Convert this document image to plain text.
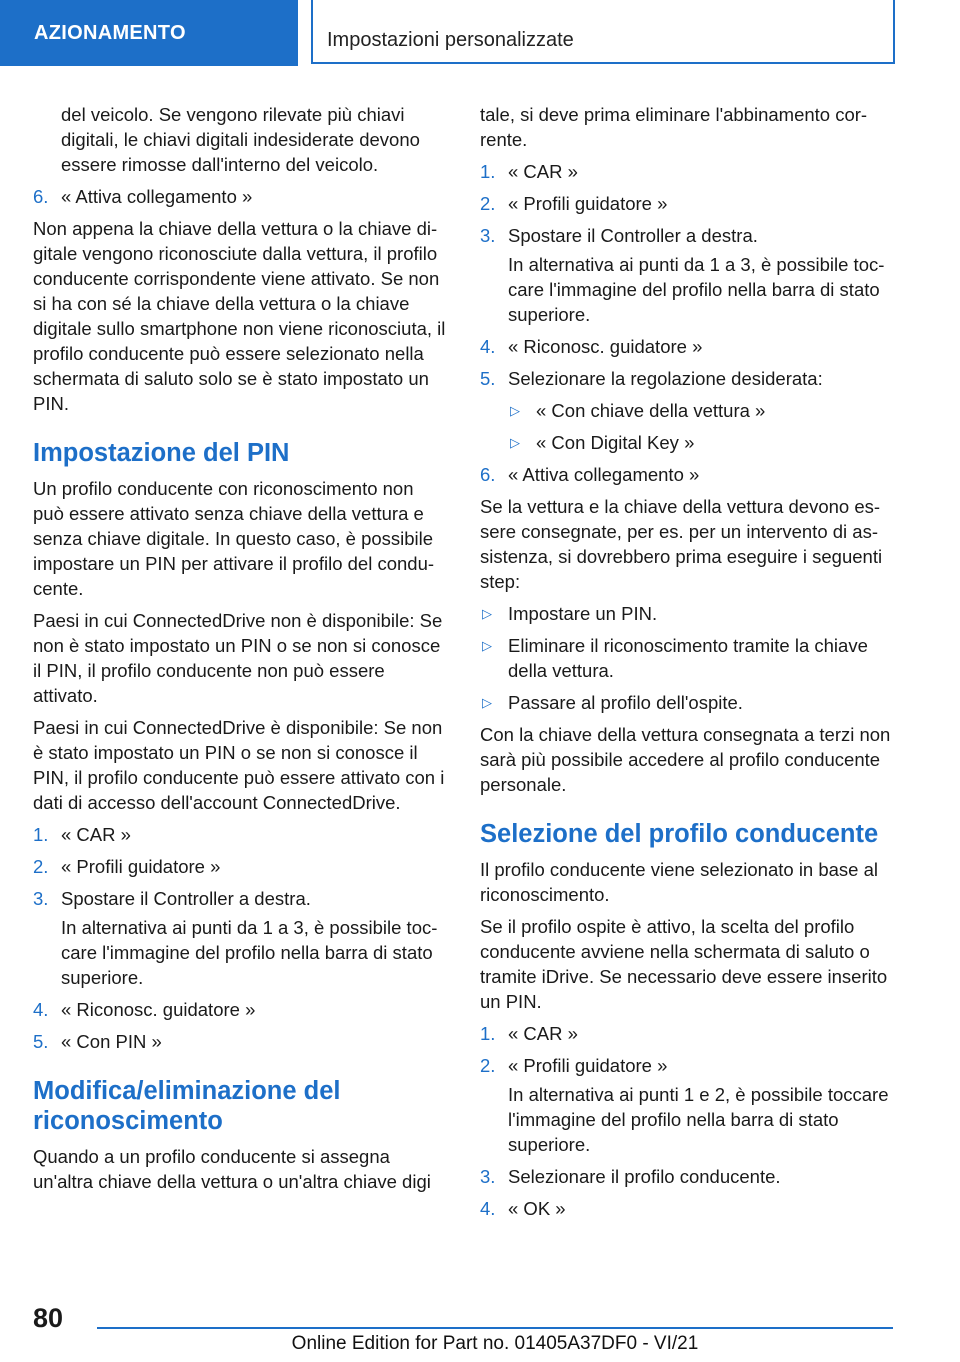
AZIONAMENTO	Impostazioni personalizzate

del veicolo. Se vengono rilevate più chiavi digitali, le chiavi digitali indesiderate devono essere rimosse dall'interno del veicolo.

6. « Attiva collegamento »

Non appena la chiave della vettura o la chiave digitale vengono riconosciute dalla vettura, il profilo conducente corrispondente viene attivato. Se non si ha con sé la chiave della vettura o la chiave digitale sullo smartphone non viene riconosciuta, il profilo conducente può essere selezionato nella schermata di saluto solo se è stato impostato un PIN.

Impostazione del PIN

Un profilo conducente con riconoscimento non può essere attivato senza chiave della vettura e senza chiave digitale. In questo caso, è possibile impostare un PIN per attivare il profilo del conducente.

Paesi in cui ConnectedDrive non è disponibile: Se non è stato impostato un PIN o se non si conosce il PIN, il profilo conducente non può essere attivato.

Paesi in cui ConnectedDrive è disponibile: Se non è stato impostato un PIN o se non si conosce il PIN, il profilo conducente può essere attivato con i dati di accesso dell'account ConnectedDrive.

1. « CAR »
2. « Profili guidatore »
3. Spostare il Controller a destra.

In alternativa ai punti da 1 a 3, è possibile toccare l'immagine del profilo nella barra di stato superiore.

4. « Riconosc. guidatore »
5. « Con PIN »
Modifica/eliminazione del riconoscimento

Quando a un profilo conducente si assegna un'altra chiave della vettura o un'altra chiave digi

tale, si deve prima eliminare l'abbinamento corrente.

1. « CAR »
2. « Profili guidatore »
3. Spostare il Controller a destra.

In alternativa ai punti da 1 a 3, è possibile toccare l'immagine del profilo nella barra di stato superiore.

4. « Riconosc. guidatore »
5. Selezionare la regolazione desiderata:
▷ « Con chiave della vettura »
▷ « Con Digital Key »
6. « Attiva collegamento »

Se la vettura e la chiave della vettura devono essere consegnate, per es. per un intervento di assistenza, si dovrebbero prima eseguire i seguenti step:

▷ Impostare un PIN.
▷ Eliminare il riconoscimento tramite la chiave della vettura.
▷ Passare al profilo dell'ospite.

Con la chiave della vettura consegnata a terzi non sarà più possibile accedere al profilo conducente personale.

Selezione del profilo conducente

Il profilo conducente viene selezionato in base al riconoscimento.

Se il profilo ospite è attivo, la scelta del profilo conducente avviene nella schermata di saluto o tramite iDrive. Se necessario deve essere inserito un PIN.

1. « CAR »
2. « Profili guidatore »

In alternativa ai punti 1 e 2, è possibile toccare l'immagine del profilo nella barra di stato superiore.

3. Selezionare il profilo conducente.
4. « OK »
80
Online Edition for Part no. 01405A37DF0 - VI/21
